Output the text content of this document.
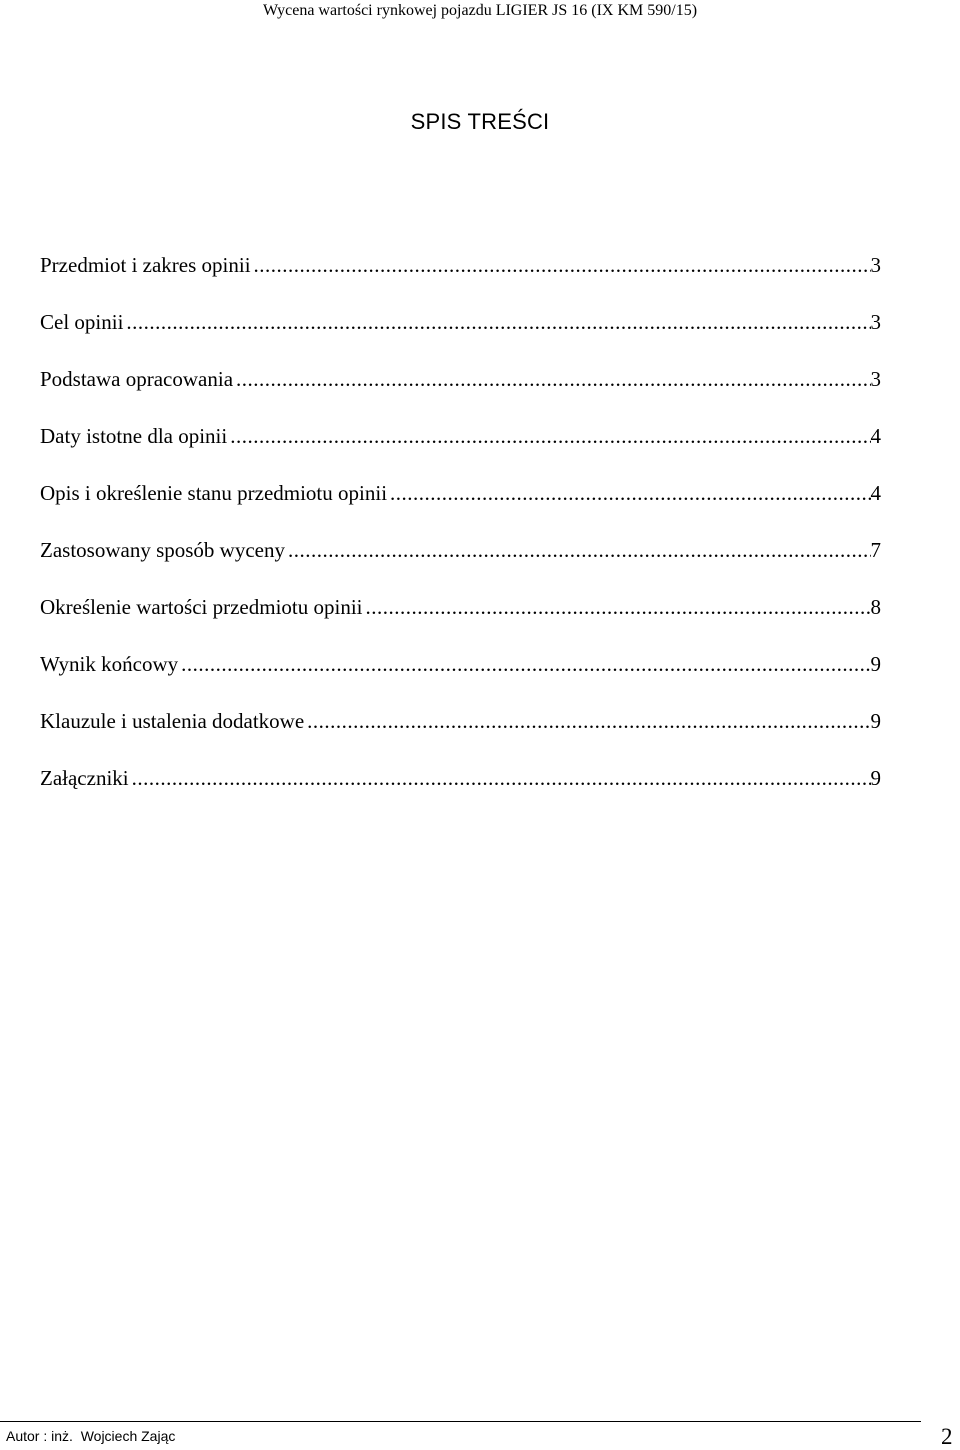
Wycena wartości rynkowej pojazdu LIGIER JS 16 (IX KM 590/15)
SPIS TREŚCI
Przedmiot i zakres opinii .....	3
Cel opinii .....	3
Podstawa opracowania .....	3
Daty istotne dla opinii .....	4
Opis i określenie stanu przedmiotu opinii .....	4
Zastosowany sposób wyceny .....	7
Określenie wartości przedmiotu opinii .....	8
Wynik końcowy .....	9
Klauzule i ustalenia dodatkowe .....	9
Załączniki .....	9
Autor : inż.  Wojciech Zając	2
